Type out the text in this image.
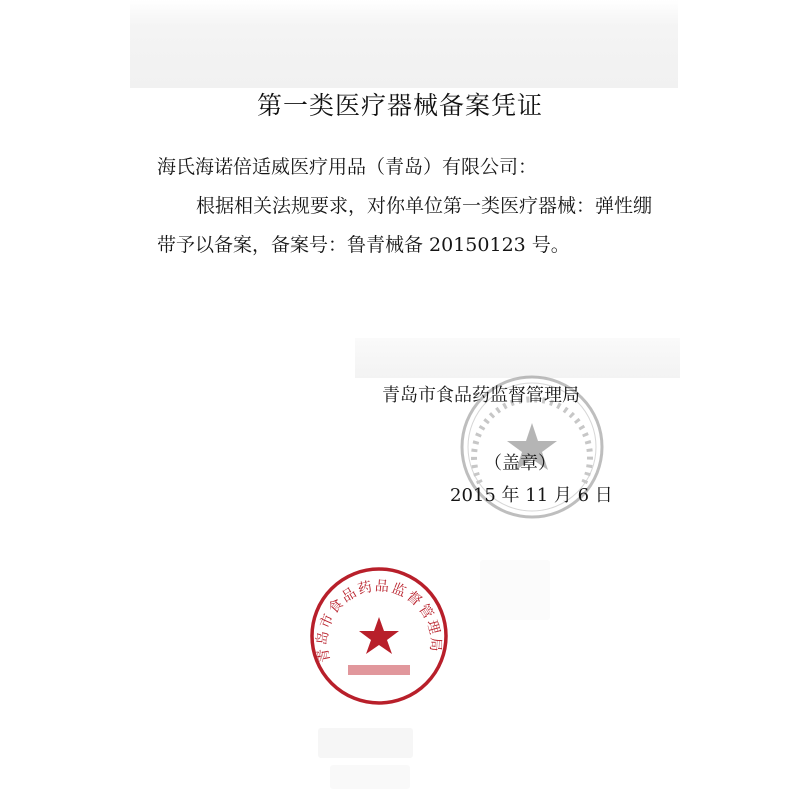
第一类医疗器械备案凭证
海氏海诺倍适威医疗用品（青岛）有限公司：
根据相关法规要求，对你单位第一类医疗器械：弹性绷
带予以备案，备案号：鲁青械备 20150123 号。
青岛市食品药监督管理局
（盖章）
2015 年 11 月 6 日
青岛市食品药品监督管理局
